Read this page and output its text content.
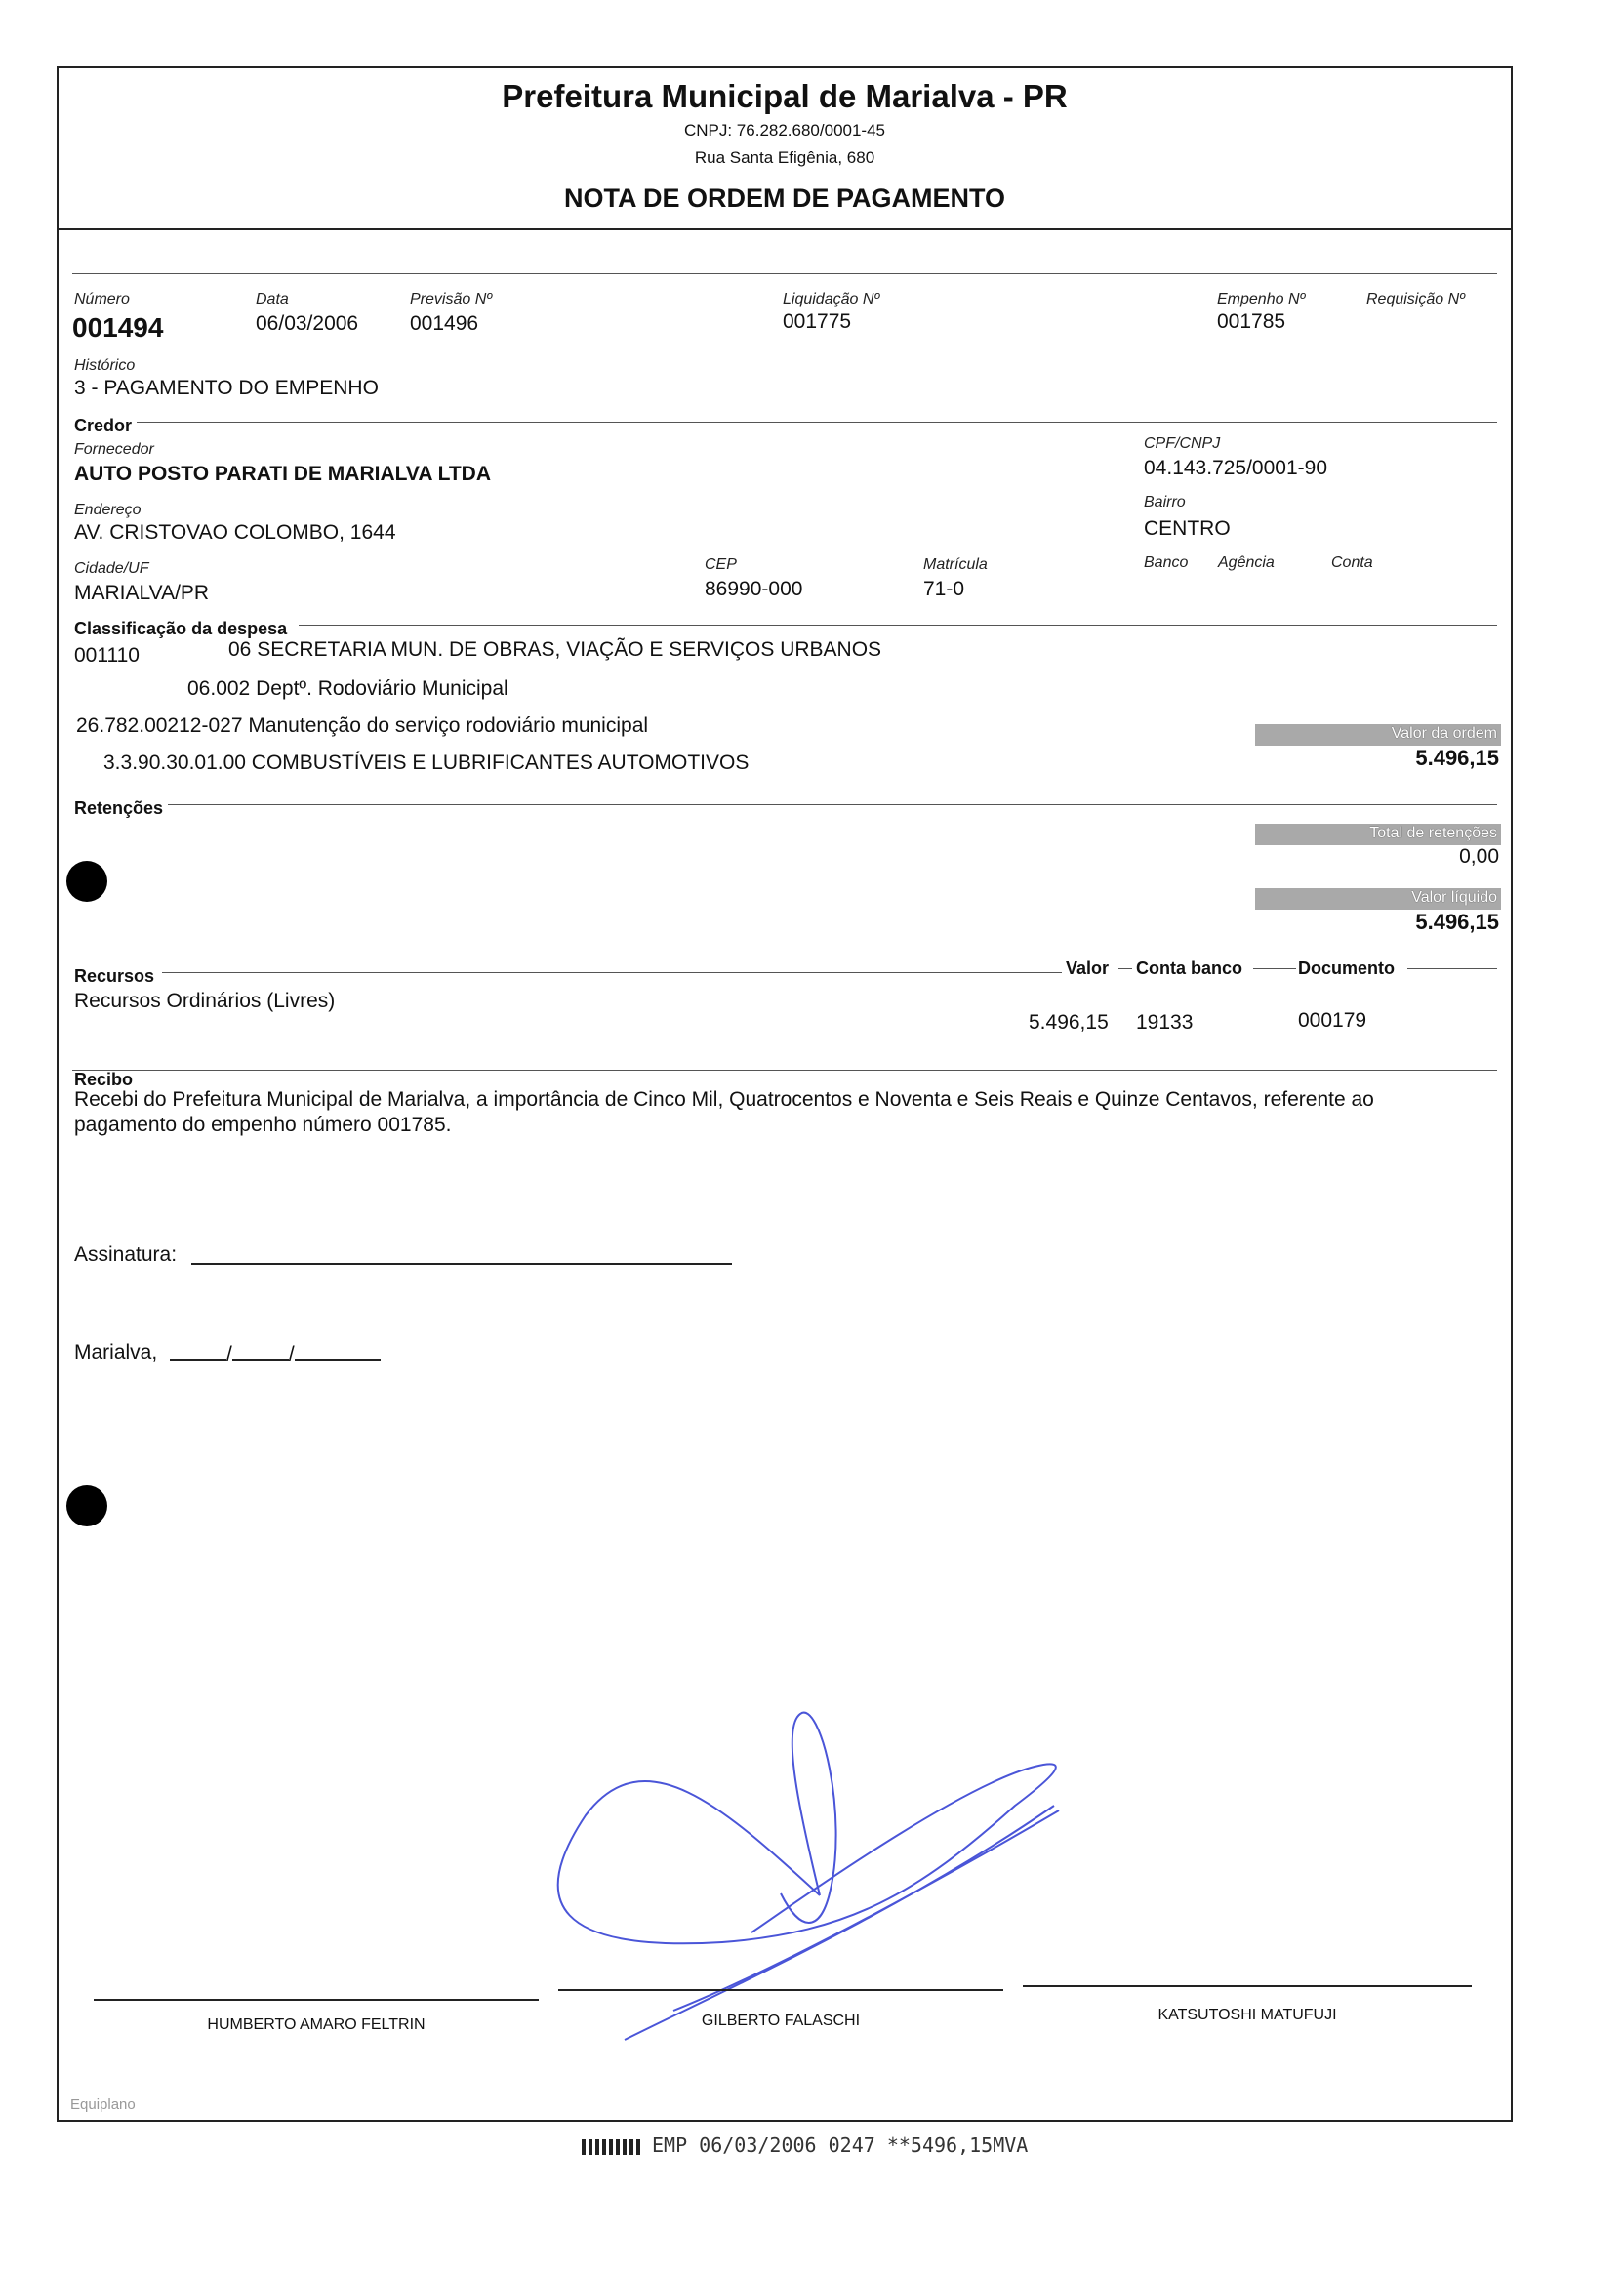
Prefeitura Municipal de Marialva - PR
CNPJ: 76.282.680/0001-45
Rua Santa Efigênia, 680
NOTA DE ORDEM DE PAGAMENTO
Número
001494
Data
06/03/2006
Previsão Nº
001496
Liquidação Nº
001775
Empenho Nº
001785
Requisição Nº
Histórico
3 - PAGAMENTO DO EMPENHO
Credor
Fornecedor
AUTO POSTO PARATI DE MARIALVA LTDA
CPF/CNPJ
04.143.725/0001-90
Endereço
AV. CRISTOVAO COLOMBO, 1644
Bairro
CENTRO
Cidade/UF
MARIALVA/PR
CEP
86990-000
Matrícula
71-0
Banco Agência	Conta
Classificação da despesa
001110	06 SECRETARIA MUN. DE OBRAS, VIAÇÃO E SERVIÇOS URBANOS
06.002 Deptº. Rodoviário Municipal
26.782.00212-027 Manutenção do serviço rodoviário municipal
3.3.90.30.01.00 COMBUSTÍVEIS E LUBRIFICANTES AUTOMOTIVOS
Valor da ordem
5.496,15
Retenções
Total de retenções
0,00
Valor líquido
5.496,15
Recursos	Valor Conta banco	Documento
Recursos Ordinários (Livres)
5.496,15 19133	000179
Recibo
Recebi do Prefeitura Municipal de Marialva, a importância de Cinco Mil, Quatrocentos e Noventa e Seis Reais e Quinze Centavos, referente ao pagamento do empenho número 001785.
Assinatura:
Marialva,	/	/
HUMBERTO AMARO FELTRIN	GILBERTO FALASCHI	KATSUTOSHI MATUFUJI
Equiplano
EMP 06/03/2006 0247 **5496,15MVA
